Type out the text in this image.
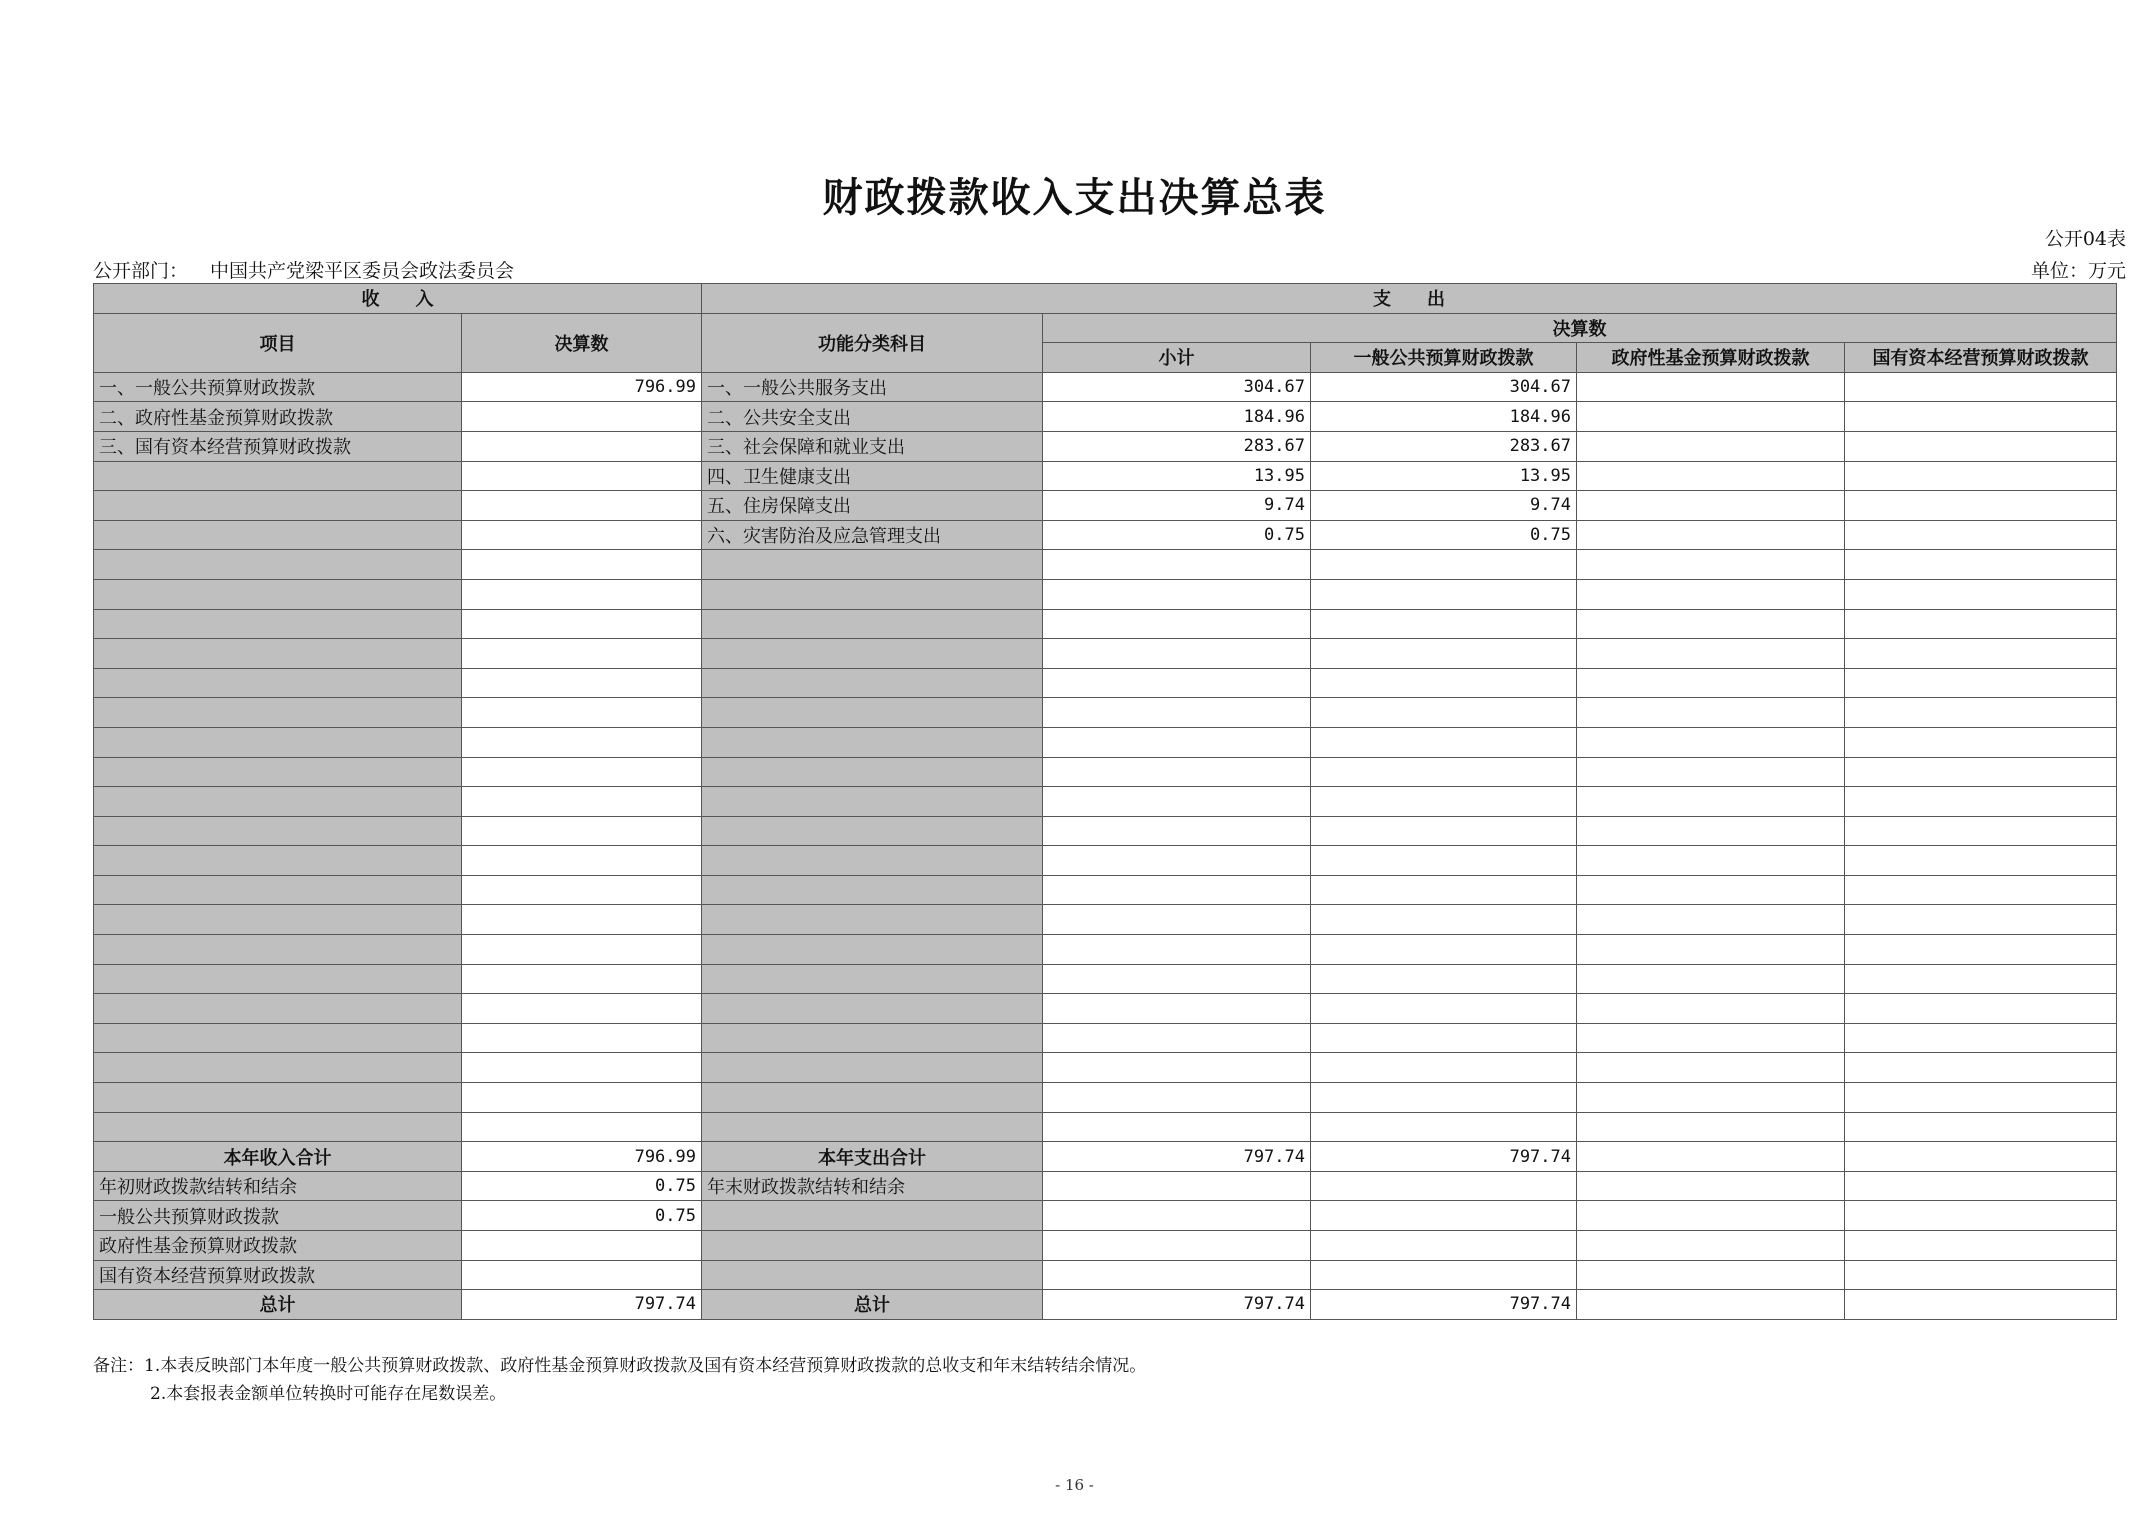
财政拨款收入支出决算总表
公开04表
公开部门： 中国共产党梁平区委员会政法委员会	单位：万元
收　　入		支　　出				
项目	决算数	功能分类科目	决算数			
			小计	一般公共预算财政拨款	政府性基金预算财政拨款	国有资本经营预算财政拨款
一、一般公共预算财政拨款	796.99	一、一般公共服务支出	304.67	304.67		
二、政府性基金预算财政拨款		二、公共安全支出	184.96	184.96		
三、国有资本经营预算财政拨款		三、社会保障和就业支出	283.67	283.67		
		四、卫生健康支出	13.95	13.95		
		五、住房保障支出	9.74	9.74		
		六、灾害防治及应急管理支出	0.75	0.75		

本年收入合计	796.99	本年支出合计	797.74	797.74		
年初财政拨款结转和结余	0.75	年末财政拨款结转和结余				
一般公共预算财政拨款	0.75					
政府性基金预算财政拨款						
国有资本经营预算财政拨款						
总计	797.74	总计	797.74	797.74		
备注：1.本表反映部门本年度一般公共预算财政拨款、政府性基金预算财政拨款及国有资本经营预算财政拨款的总收支和年末结转结余情况。
2.本套报表金额单位转换时可能存在尾数误差。
- 16 -
